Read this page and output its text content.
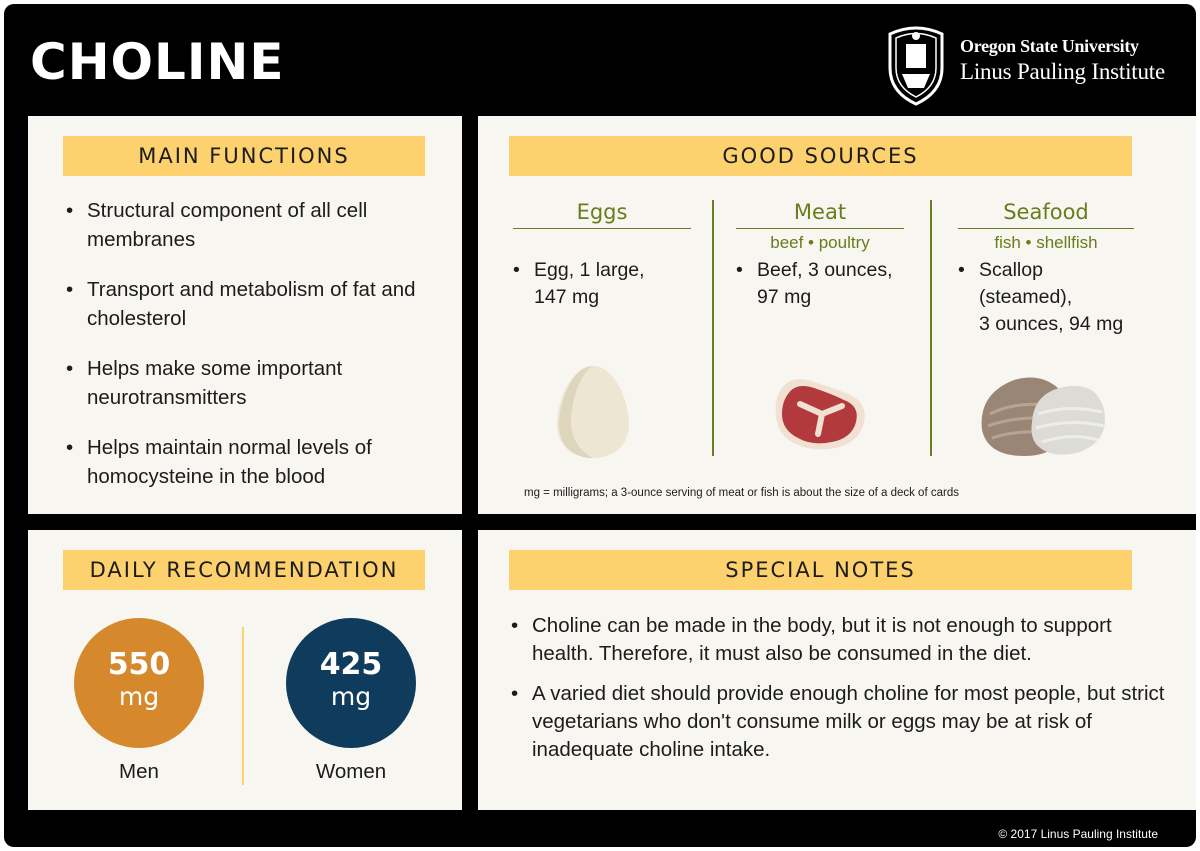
CHOLINE	Oregon State University
Linus Pauling Institute
MAIN FUNCTIONS
• Structural component of all cell membranes
• Transport and metabolism of fat and cholesterol
• Helps make some important neurotransmitters
• Helps maintain normal levels of homocysteine in the blood
GOOD SOURCES
Eggs
• Egg, 1 large,
147 mg
Meat
beef • poultry
• Beef, 3 ounces,
97 mg
Seafood
fish • shellfish
• Scallop
(steamed),
3 ounces, 94 mg
mg = milligrams; a 3-ounce serving of meat or fish is about the size of a deck of cards
DAILY RECOMMENDATION
550
mg
425
mg
Men	Women
SPECIAL NOTES
• Choline can be made in the body, but it is not enough to support health. Therefore, it must also be consumed in the diet.
• A varied diet should provide enough choline for most people, but strict vegetarians who don't consume milk or eggs may be at risk of inadequate choline intake.
© 2017 Linus Pauling Institute
